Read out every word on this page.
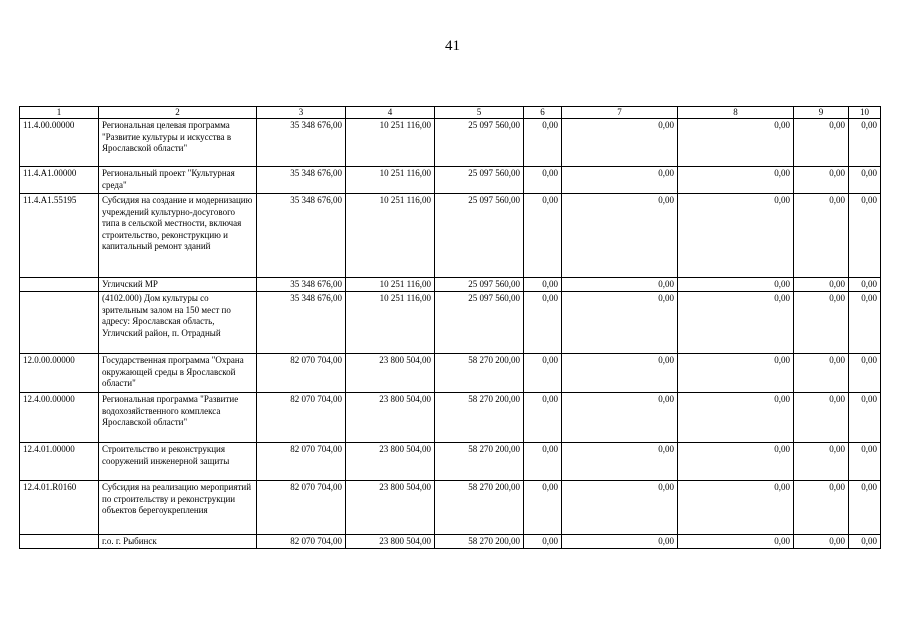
41
1	2	3	4	5	6	7	8	9	10
11.4.00.00000	Региональная целевая программа "Развитие культуры и искусства в Ярославской области"	35 348 676,00	10 251 116,00	25 097 560,00	0,00	0,00	0,00	0,00	0,00
11.4.А1.00000	Региональный проект "Культурная среда"	35 348 676,00	10 251 116,00	25 097 560,00	0,00	0,00	0,00	0,00	0,00
11.4.А1.55195	Субсидия на создание и модернизацию учреждений культурно-досугового типа в сельской местности, включая строительство, реконструкцию и капитальный ремонт зданий	35 348 676,00	10 251 116,00	25 097 560,00	0,00	0,00	0,00	0,00	0,00
	Угличский МР	35 348 676,00	10 251 116,00	25 097 560,00	0,00	0,00	0,00	0,00	0,00
	(4102.000) Дом культуры со зрительным залом на 150 мест по адресу: Ярославская область, Угличский район, п. Отрадный	35 348 676,00	10 251 116,00	25 097 560,00	0,00	0,00	0,00	0,00	0,00
12.0.00.00000	Государственная программа "Охрана окружающей среды в Ярославской области"	82 070 704,00	23 800 504,00	58 270 200,00	0,00	0,00	0,00	0,00	0,00
12.4.00.00000	Региональная программа "Развитие водохозяйственного комплекса Ярославской области"	82 070 704,00	23 800 504,00	58 270 200,00	0,00	0,00	0,00	0,00	0,00
12.4.01.00000	Строительство и реконструкция сооружений инженерной защиты	82 070 704,00	23 800 504,00	58 270 200,00	0,00	0,00	0,00	0,00	0,00
12.4.01.R0160	Субсидия на реализацию мероприятий по строительству и реконструкции объектов берегоукрепления	82 070 704,00	23 800 504,00	58 270 200,00	0,00	0,00	0,00	0,00	0,00
	г.о. г. Рыбинск	82 070 704,00	23 800 504,00	58 270 200,00	0,00	0,00	0,00	0,00	0,00
